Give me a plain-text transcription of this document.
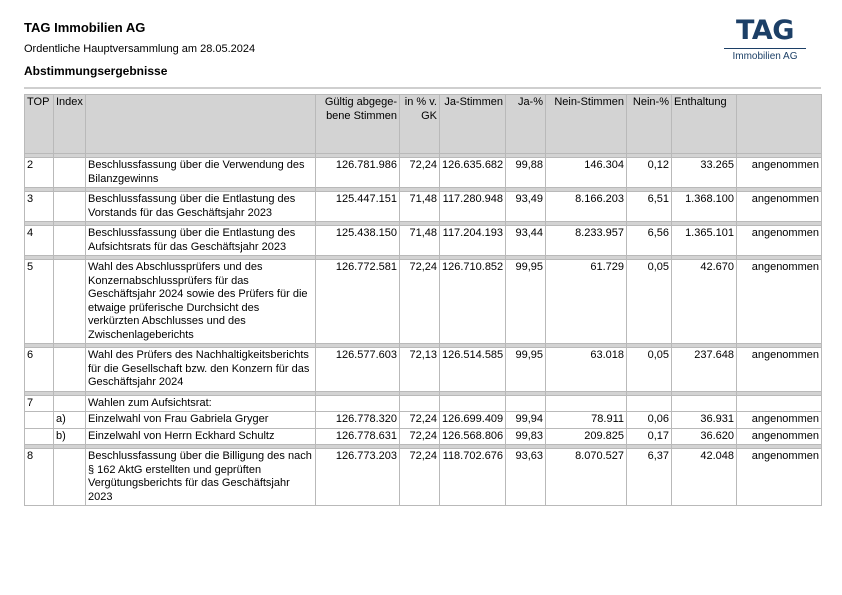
TAG Immobilien AG
Ordentliche Hauptversammlung am 28.05.2024
Abstimmungsergebnisse
TAG
Immobilien AG
TOP	Index		Gültig abgege-bene Stimmen	in % v. GK	Ja-Stimmen	Ja-%	Nein-Stimmen	Nein-%	Enthaltung	

2		Beschlussfassung über die Verwendung des Bilanzgewinns	126.781.986	72,24	126.635.682	99,88	146.304	0,12	33.265	angenommen

3		Beschlussfassung über die Entlastung des Vorstands für das Geschäftsjahr 2023	125.447.151	71,48	117.280.948	93,49	8.166.203	6,51	1.368.100	angenommen

4		Beschlussfassung über die Entlastung des Aufsichtsrats für das Geschäftsjahr 2023	125.438.150	71,48	117.204.193	93,44	8.233.957	6,56	1.365.101	angenommen

5		Wahl des Abschlussprüfers und des Konzernabschlussprüfers für das Geschäftsjahr 2024 sowie des Prüfers für die etwaige prüferische Durchsicht des verkürzten Abschlusses und des Zwischenlageberichts	126.772.581	72,24	126.710.852	99,95	61.729	0,05	42.670	angenommen

6		Wahl des Prüfers des Nachhaltigkeitsberichts für die Gesellschaft bzw. den Konzern für das Geschäftsjahr 2024	126.577.603	72,13	126.514.585	99,95	63.018	0,05	237.648	angenommen

7		Wahlen zum Aufsichtsrat:								
	a)	Einzelwahl von Frau Gabriela Gryger	126.778.320	72,24	126.699.409	99,94	78.911	0,06	36.931	angenommen
	b)	Einzelwahl von Herrn Eckhard Schultz	126.778.631	72,24	126.568.806	99,83	209.825	0,17	36.620	angenommen

8		Beschlussfassung über die Billigung des nach § 162 AktG erstellten und geprüften Vergütungsberichts für das Geschäftsjahr 2023	126.773.203	72,24	118.702.676	93,63	8.070.527	6,37	42.048	angenommen
